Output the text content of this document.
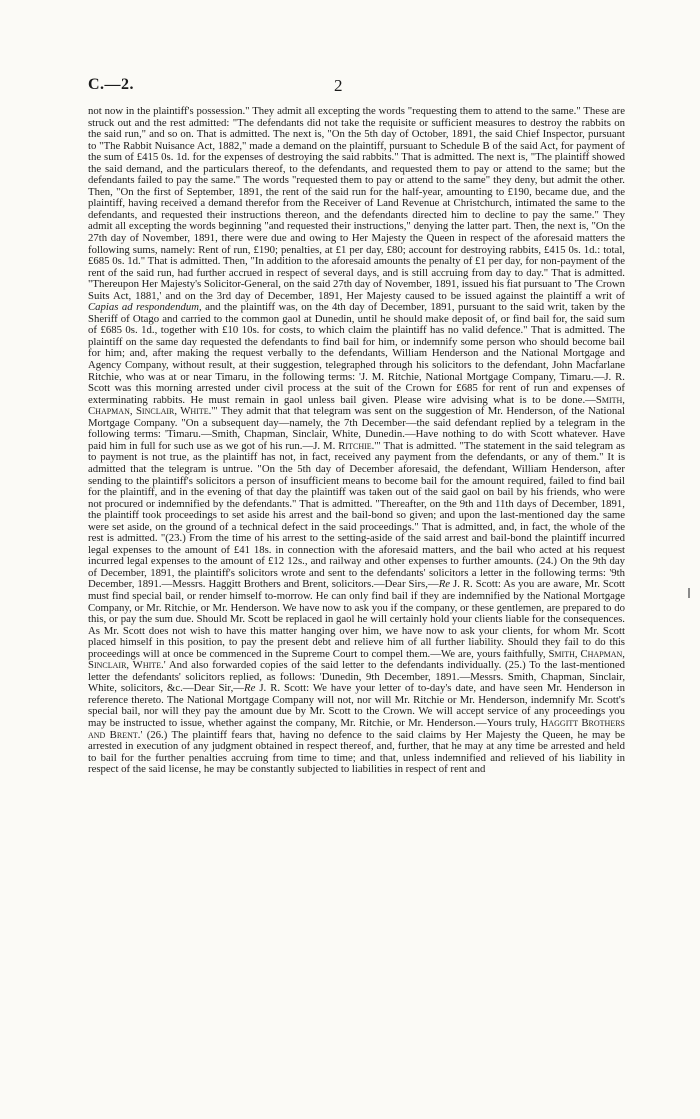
C.—2.	2

not now in the plaintiff's possession." They admit all excepting the words "requesting them to attend to the same." These are struck out and the rest admitted: "The defendants did not take the requisite or sufficient measures to destroy the rabbits on the said run," and so on. That is admitted. The next is, "On the 5th day of October, 1891, the said Chief Inspector, pursuant to "The Rabbit Nuisance Act, 1882," made a demand on the plaintiff, pursuant to Schedule B of the said Act, for payment of the sum of £415 0s. 1d. for the expenses of destroying the said rabbits." That is admitted. The next is, "The plaintiff showed the said demand, and the particulars thereof, to the defendants, and requested them to pay or attend to the same; but the defendants failed to pay the same." The words "requested them to pay or attend to the same" they deny, but admit the other. Then, "On the first of September, 1891, the rent of the said run for the half-year, amounting to £190, became due, and the plaintiff, having received a demand therefor from the Receiver of Land Revenue at Christchurch, intimated the same to the defendants, and requested their instructions thereon, and the defendants directed him to decline to pay the same." They admit all excepting the words beginning "and requested their instructions," denying the latter part. Then, the next is, "On the 27th day of November, 1891, there were due and owing to Her Majesty the Queen in respect of the aforesaid matters the following sums, namely: Rent of run, £190; penalties, at £1 per day, £80; account for destroying rabbits, £415 0s. 1d.: total, £685 0s. 1d." That is admitted. Then, "In addition to the aforesaid amounts the penalty of £1 per day, for non-payment of the rent of the said run, had further accrued in respect of several days, and is still accruing from day to day." That is admitted. "Thereupon Her Majesty's Solicitor-General, on the said 27th day of November, 1891, issued his fiat pursuant to 'The Crown Suits Act, 1881,' and on the 3rd day of December, 1891, Her Majesty caused to be issued against the plaintiff a writ of Capias ad respondendum, and the plaintiff was, on the 4th day of December, 1891, pursuant to the said writ, taken by the Sheriff of Otago and carried to the common gaol at Dunedin, until he should make deposit of, or find bail for, the said sum of £685 0s. 1d., together with £10 10s. for costs, to which claim the plaintiff has no valid defence." That is admitted. The plaintiff on the same day requested the defendants to find bail for him, or indemnify some person who should become bail for him; and, after making the request verbally to the defendants, William Henderson and the National Mortgage and Agency Company, without result, at their suggestion, telegraphed through his solicitors to the defendant, John Macfarlane Ritchie, who was at or near Timaru, in the following terms: 'J. M. Ritchie, National Mortgage Company, Timaru.—J. R. Scott was this morning arrested under civil process at the suit of the Crown for £685 for rent of run and expenses of exterminating rabbits. He must remain in gaol unless bail given. Please wire advising what is to be done.—Smith, Chapman, Sinclair, White.'" They admit that that telegram was sent on the suggestion of Mr. Henderson, of the National Mortgage Company. "On a subsequent day—namely, the 7th December—the said defendant replied by a telegram in the following terms: 'Timaru.—Smith, Chapman, Sinclair, White, Dunedin.—Have nothing to do with Scott whatever. Have paid him in full for such use as we got of his run.—J. M. Ritchie.'" That is admitted. "The statement in the said telegram as to payment is not true, as the plaintiff has not, in fact, received any payment from the defendants, or any of them." It is admitted that the telegram is untrue. "On the 5th day of December aforesaid, the defendant, William Henderson, after sending to the plaintiff's solicitors a person of insufficient means to become bail for the amount required, failed to find bail for the plaintiff, and in the evening of that day the plaintiff was taken out of the said gaol on bail by his friends, who were not procured or indemnified by the defendants." That is admitted. "Thereafter, on the 9th and 11th days of December, 1891, the plaintiff took proceedings to set aside his arrest and the bail-bond so given; and upon the last-mentioned day the same were set aside, on the ground of a technical defect in the said proceedings." That is admitted, and, in fact, the whole of the rest is admitted. "(23.) From the time of his arrest to the setting-aside of the said arrest and bail-bond the plaintiff incurred legal expenses to the amount of £41 18s. in connection with the aforesaid matters, and the bail who acted at his request incurred legal expenses to the amount of £12 12s., and railway and other expenses to further amounts. (24.) On the 9th day of December, 1891, the plaintiff's solicitors wrote and sent to the defendants' solicitors a letter in the following terms: '9th December, 1891.—Messrs. Haggitt Brothers and Brent, solicitors.—Dear Sirs,—Re J. R. Scott: As you are aware, Mr. Scott must find special bail, or render himself to-morrow. He can only find bail if they are indemnified by the National Mortgage Company, or Mr. Ritchie, or Mr. Henderson. We have now to ask you if the company, or these gentlemen, are prepared to do this, or pay the sum due. Should Mr. Scott be replaced in gaol he will certainly hold your clients liable for the consequences. As Mr. Scott does not wish to have this matter hanging over him, we have now to ask your clients, for whom Mr. Scott placed himself in this position, to pay the present debt and relieve him of all further liability. Should they fail to do this proceedings will at once be commenced in the Supreme Court to compel them.—We are, yours faithfully, Smith, Chapman, Sinclair, White.' And also forwarded copies of the said letter to the defendants individually. (25.) To the last-mentioned letter the defendants' solicitors replied, as follows: 'Dunedin, 9th December, 1891.—Messrs. Smith, Chapman, Sinclair, White, solicitors, &c.—Dear Sir,—Re J. R. Scott: We have your letter of to-day's date, and have seen Mr. Henderson in reference thereto. The National Mortgage Company will not, nor will Mr. Ritchie or Mr. Henderson, indemnify Mr. Scott's special bail, nor will they pay the amount due by Mr. Scott to the Crown. We will accept service of any proceedings you may be instructed to issue, whether against the company, Mr. Ritchie, or Mr. Henderson.—Yours truly, Haggitt Brothers and Brent.' (26.) The plaintiff fears that, having no defence to the said claims by Her Majesty the Queen, he may be arrested in execution of any judgment obtained in respect thereof, and, further, that he may at any time be arrested and held to bail for the further penalties accruing from time to time; and that, unless indemnified and relieved of his liability in respect of the said license, he may be constantly subjected to liabilities in respect of rent and
